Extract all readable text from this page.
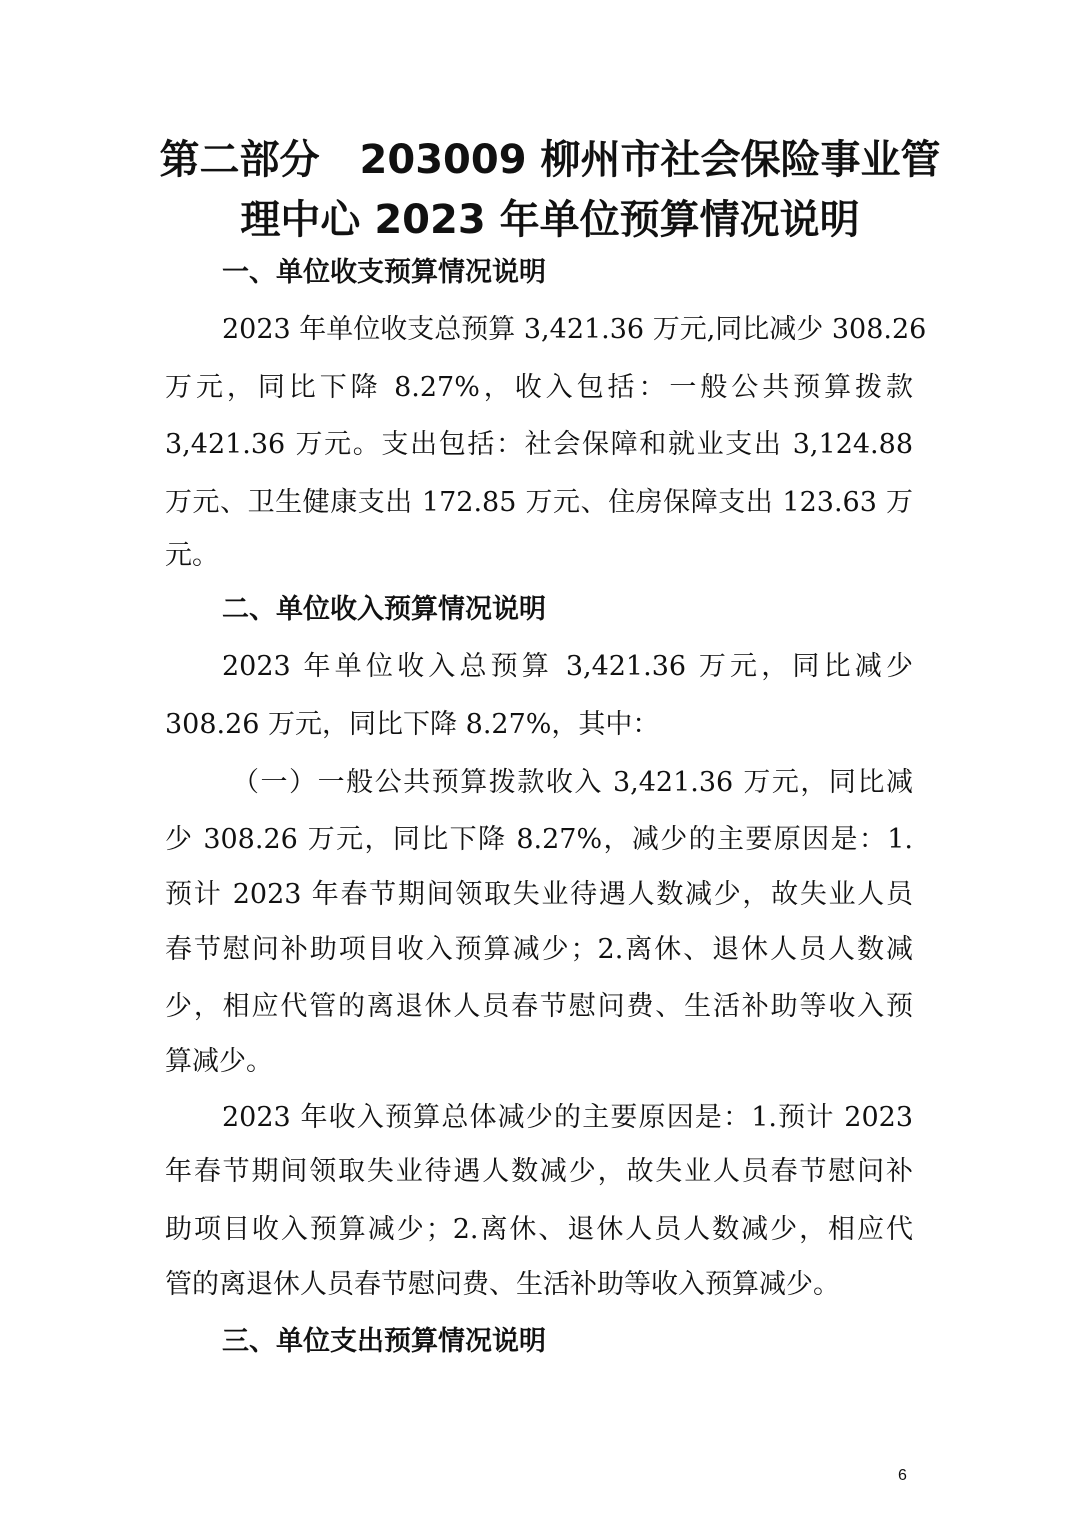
第二部分　203009 柳州市社会保险事业管
理中心 2023 年单位预算情况说明
一、单位收支预算情况说明
2023 年单位收支总预算 3,421.36 万元,同比减少 308.26
万元，同比下降 8.27%，收入包括：一般公共预算拨款
3,421.36 万元。支出包括：社会保障和就业支出 3,124.88
万元、卫生健康支出 172.85 万元、住房保障支出 123.63 万
元。
二、单位收入预算情况说明
2023 年单位收入总预算 3,421.36 万元，同比减少
308.26 万元，同比下降 8.27%，其中：
（一）一般公共预算拨款收入 3,421.36 万元，同比减
少 308.26 万元，同比下降 8.27%，减少的主要原因是：1.
预计 2023 年春节期间领取失业待遇人数减少，故失业人员
春节慰问补助项目收入预算减少；2.离休、退休人员人数减
少，相应代管的离退休人员春节慰问费、生活补助等收入预
算减少。
2023 年收入预算总体减少的主要原因是：1.预计 2023
年春节期间领取失业待遇人数减少，故失业人员春节慰问补
助项目收入预算减少；2.离休、退休人员人数减少，相应代
管的离退休人员春节慰问费、生活补助等收入预算减少。
三、单位支出预算情况说明
6
